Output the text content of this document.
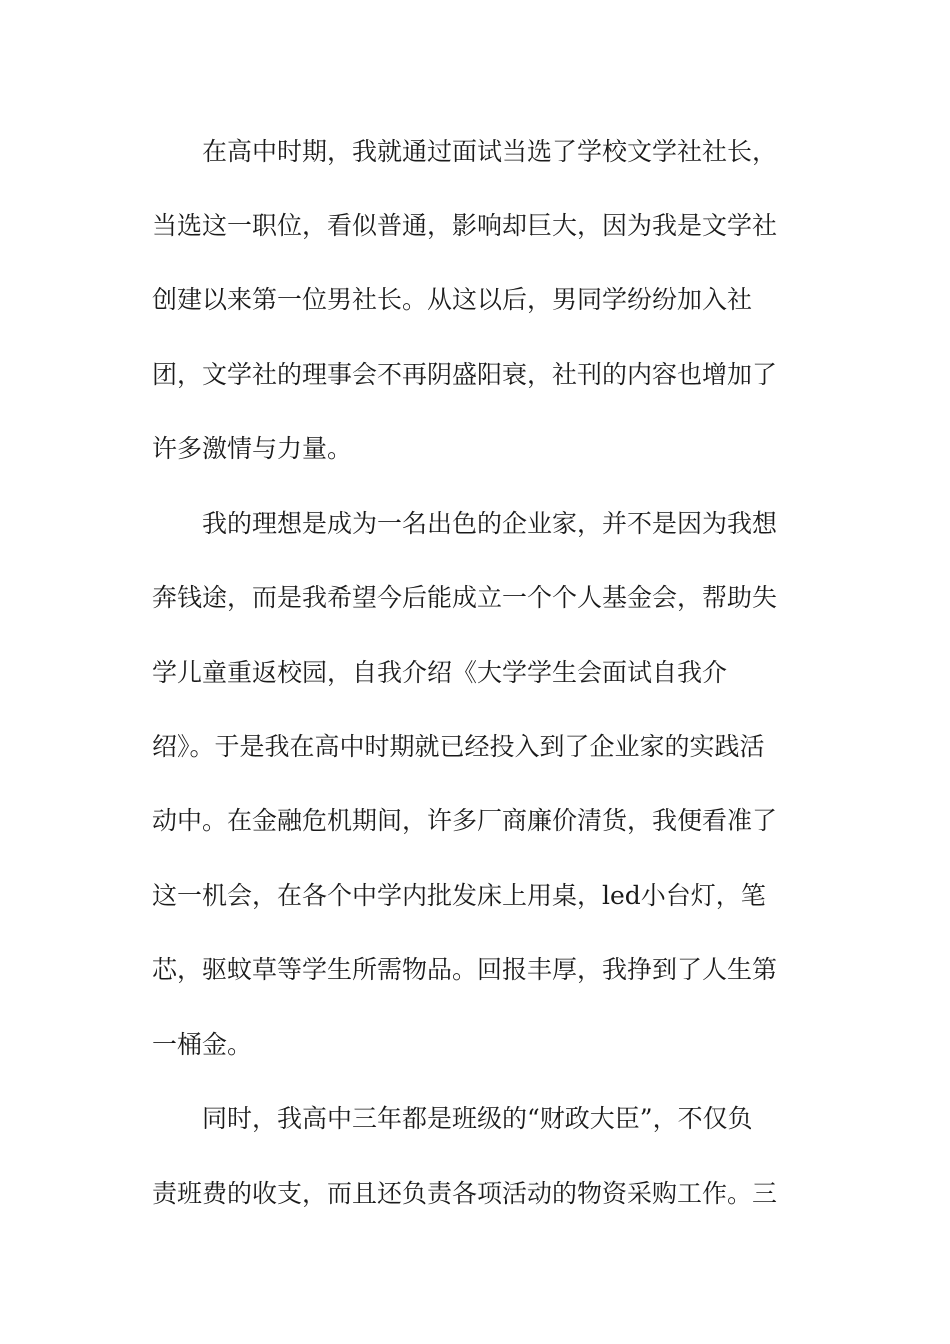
在高中时期，我就通过面试当选了学校文学社社长，
当选这一职位，看似普通，影响却巨大，因为我是文学社
创建以来第一位男社长。从这以后，男同学纷纷加入社
团，文学社的理事会不再阴盛阳衰，社刊的内容也增加了
许多激情与力量。
我的理想是成为一名出色的企业家，并不是因为我想
奔钱途，而是我希望今后能成立一个个人基金会，帮助失
学儿童重返校园，自我介绍《大学学生会面试自我介
绍》。于是我在高中时期就已经投入到了企业家的实践活
动中。在金融危机期间，许多厂商廉价清货，我便看准了
这一机会，在各个中学内批发床上用桌，led小台灯，笔
芯，驱蚊草等学生所需物品。回报丰厚，我挣到了人生第
一桶金。
同时，我高中三年都是班级的“财政大臣”，不仅负
责班费的收支，而且还负责各项活动的物资采购工作。三
